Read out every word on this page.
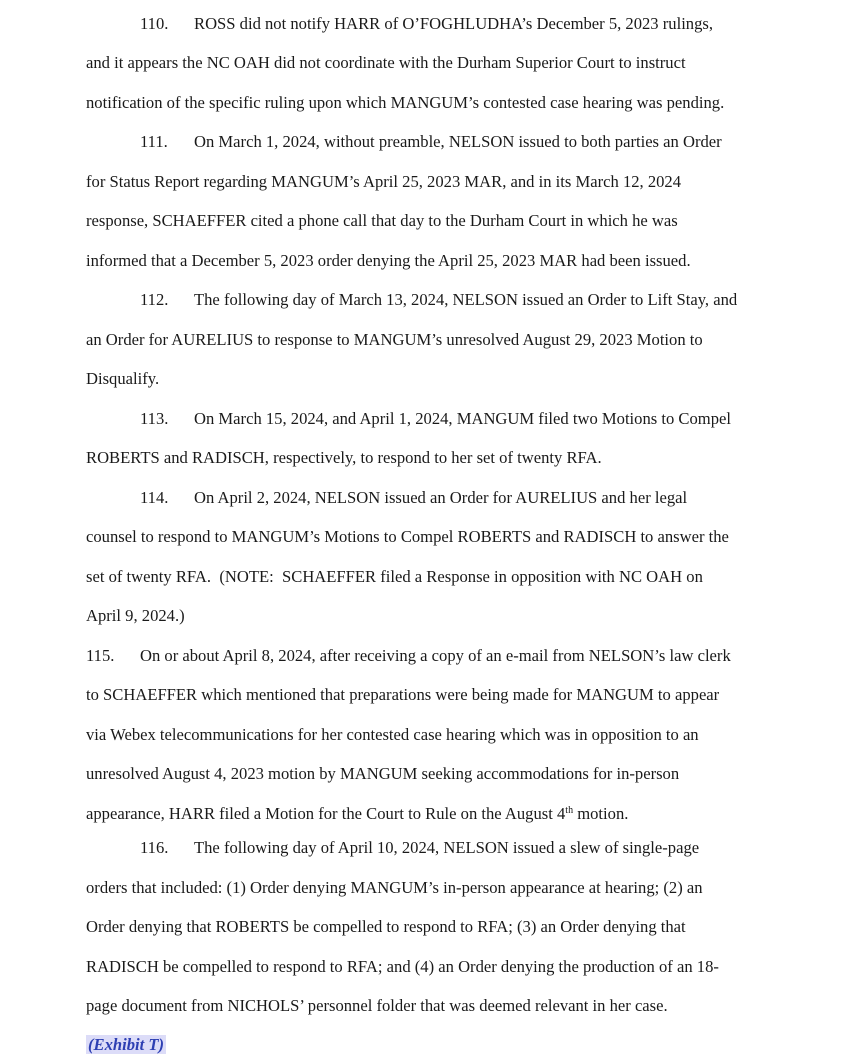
110. ROSS did not notify HARR of O’FOGHLUDHA’s December 5, 2023 rulings,
and it appears the NC OAH did not coordinate with the Durham Superior Court to instruct
notification of the specific ruling upon which MANGUM’s contested case hearing was pending.
111. On March 1, 2024, without preamble, NELSON issued to both parties an Order
for Status Report regarding MANGUM’s April 25, 2023 MAR, and in its March 12, 2024
response, SCHAEFFER cited a phone call that day to the Durham Court in which he was
informed that a December 5, 2023 order denying the April 25, 2023 MAR had been issued.
112. The following day of March 13, 2024, NELSON issued an Order to Lift Stay, and
an Order for AURELIUS to response to MANGUM’s unresolved August 29, 2023 Motion to
Disqualify.
113. On March 15, 2024, and April 1, 2024, MANGUM filed two Motions to Compel
ROBERTS and RADISCH, respectively, to respond to her set of twenty RFA.
114. On April 2, 2024, NELSON issued an Order for AURELIUS and her legal
counsel to respond to MANGUM’s Motions to Compel ROBERTS and RADISCH to answer the
set of twenty RFA.  (NOTE:  SCHAEFFER filed a Response in opposition with NC OAH on
April 9, 2024.)
115. On or about April 8, 2024, after receiving a copy of an e-mail from NELSON’s law clerk
to SCHAEFFER which mentioned that preparations were being made for MANGUM to appear
via Webex telecommunications for her contested case hearing which was in opposition to an
unresolved August 4, 2023 motion by MANGUM seeking accommodations for in-person
appearance, HARR filed a Motion for the Court to Rule on the August 4th motion.
116. The following day of April 10, 2024, NELSON issued a slew of single-page
orders that included: (1) Order denying MANGUM’s in-person appearance at hearing; (2) an
Order denying that ROBERTS be compelled to respond to RFA; (3) an Order denying that
RADISCH be compelled to respond to RFA; and (4) an Order denying the production of an 18-
page document from NICHOLS’ personnel folder that was deemed relevant in her case.
(Exhibit T)
